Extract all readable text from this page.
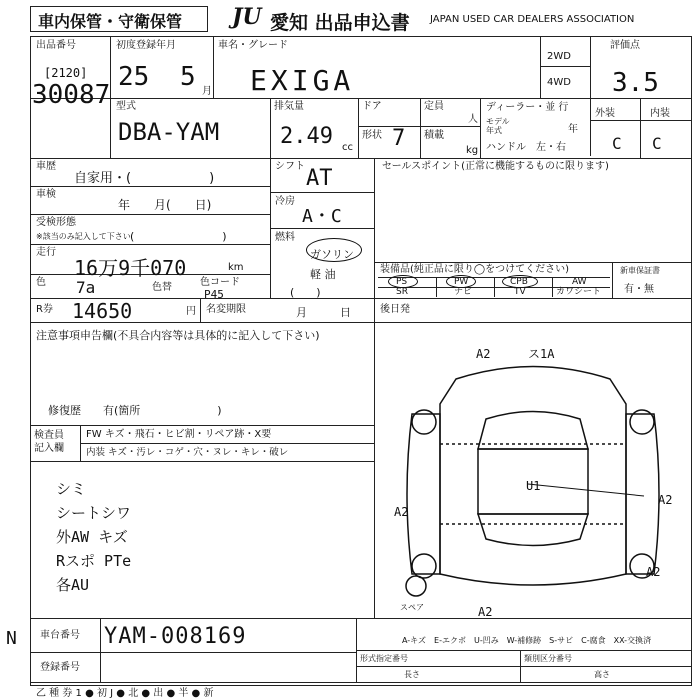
車内保管・守衛保管 JU 愛知 出品申込書 JAPAN USED CAR DEALERS ASSOCIATION
出品番号
[2120]
30087
初度登録年月
25 5 月
車名・グレード
EXIGA
2WD
4WD
評価点
3.5
型式
DBA-YAM
排気量
2.49 cc
ドア
形状 7
定員
人
積載
kg
ディーラー・並 行
モデル
年式	年
ハンドル　左・右
外装	内装
C C
車歴
自家用・(　　　　　　)
車検
年　　月(　　日)
受検形態
※該当のみ記入して下さい (　　　　　　　　)
走行
16万9千070	km
色 7a	色替	色コード
P45
シフト AT
冷房
A・C
燃料
ガソリン
軽 油
(　　)
セールスポイント(正常に機能するものに限ります)
装備品(純正品に限り◯をつけてください)
PS	PW	CPB	AW
SR	ナビ	TV	カワシート
新車保証書
有・無
R券 14650	円 名変期限	月　　　日	後日発
注意事項申告欄(不具合内容等は具体的に記入して下さい)
修復歴　　有(箇所　　　　　　　)
検査員
記入欄
FW キズ・飛石・ヒビ割・リペア跡・X要
内装 キズ・汚レ・コゲ・穴・ヌレ・キレ・破レ
シミ
シートシワ
外AW キズ
Rスポ PTe
各AU
A2	ス1A
A2
A2
A2
A2
U1
スペア
A-キズ　E-エクボ　U-凹み　W-補修跡　S-サビ　C-腐食　XX-交換済
N 車台番号 YAM-008169
登録番号
形式指定番号	類別区分番号
長さ	高さ
乙 種 券 1 ● 初 J ● 北 ● 出 ● 半 ● 新
